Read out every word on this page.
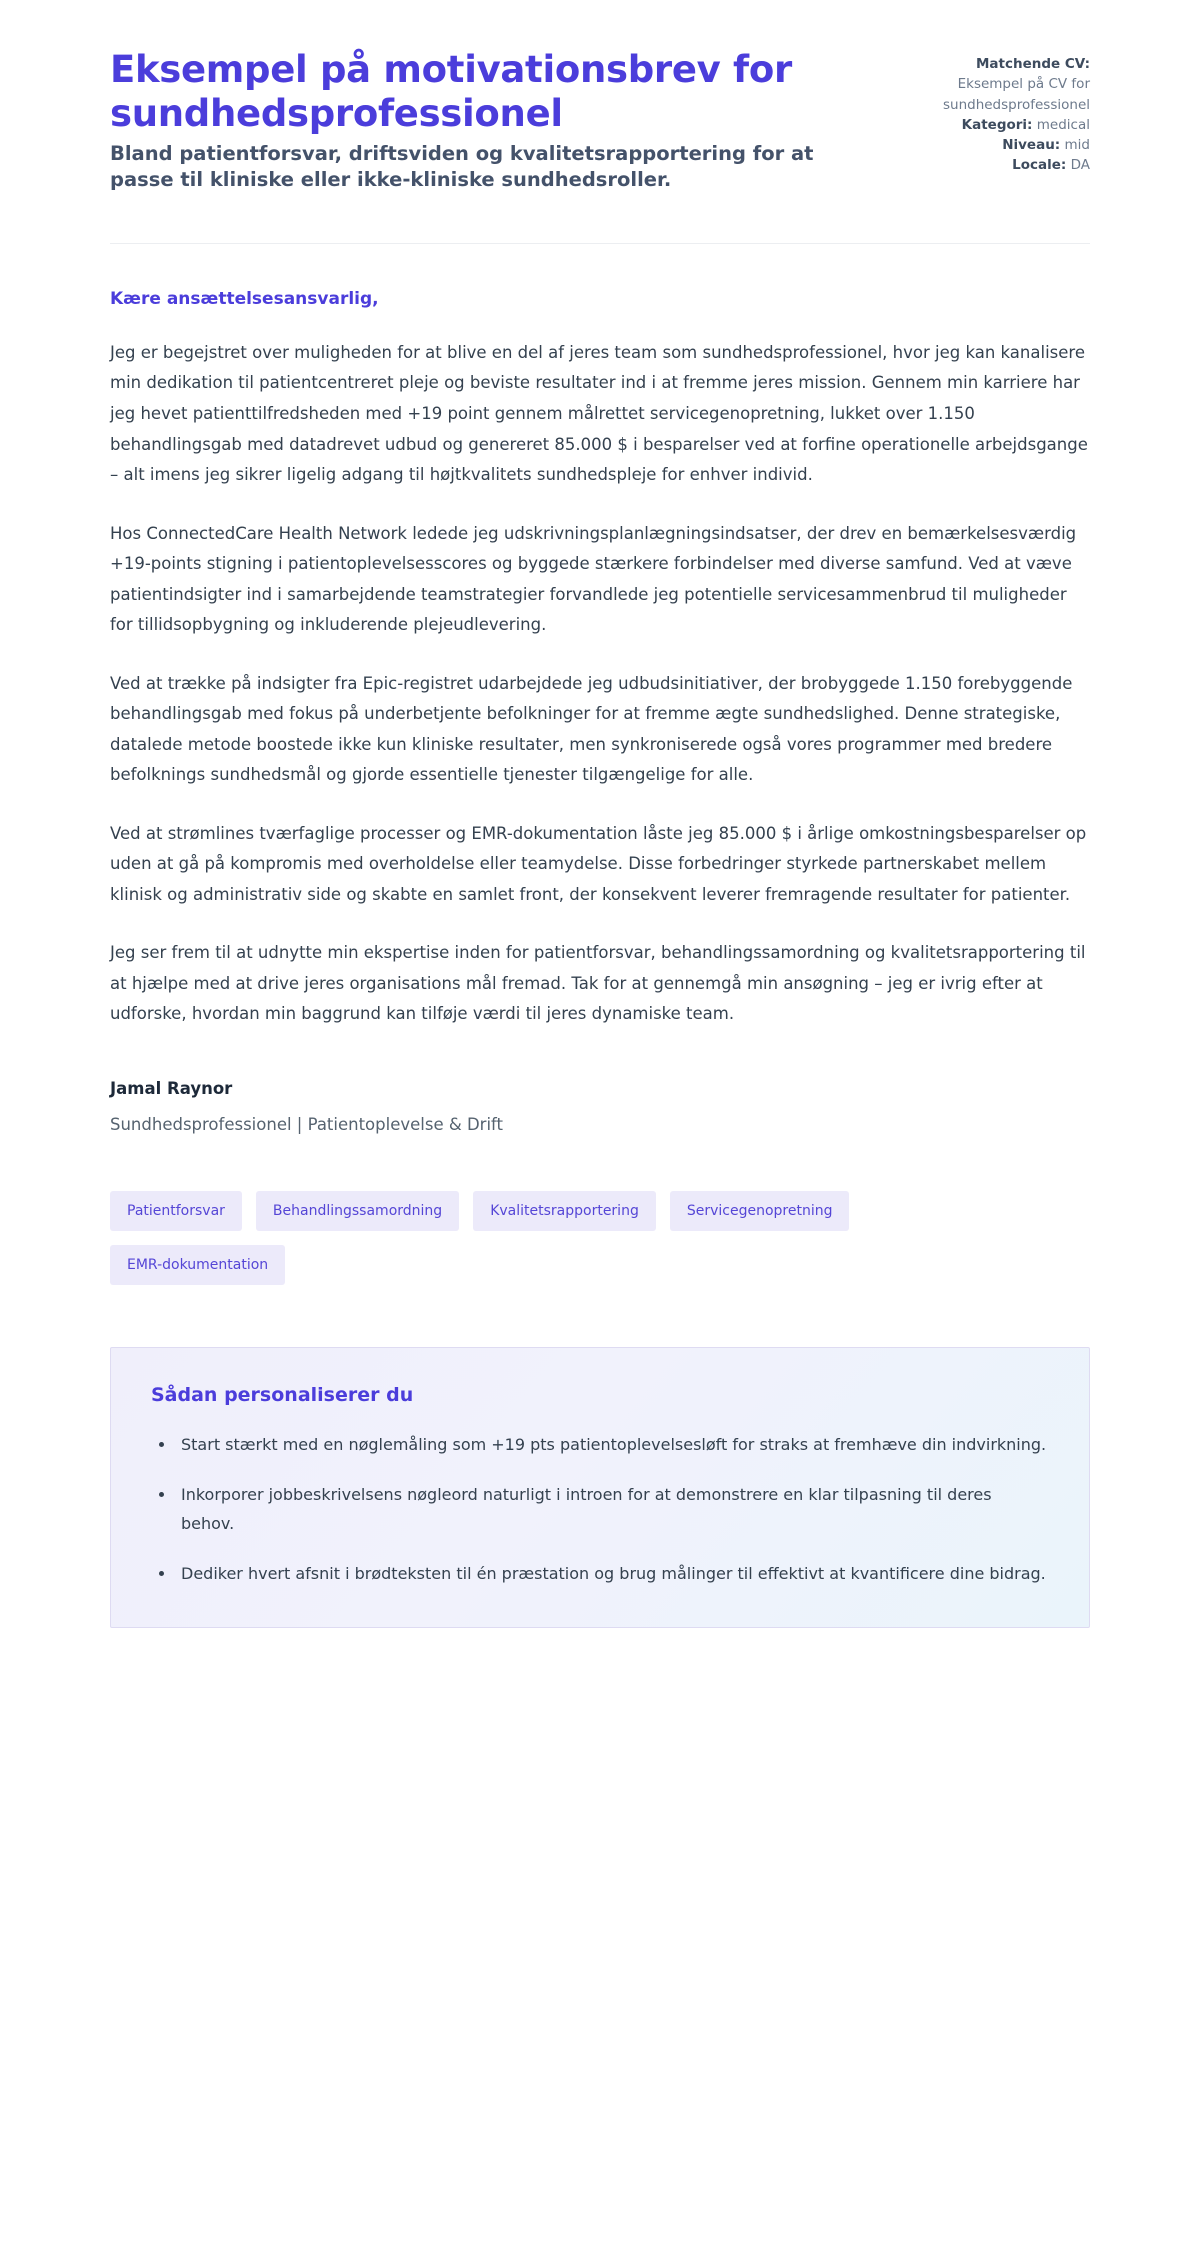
Eksempel på motivationsbrev for sundhedsprofessionel

Bland patientforsvar, driftsviden og kvalitetsrapportering for at passe til kliniske eller ikke-kliniske sundhedsroller.

Matchende CV:
Eksempel på CV for sundhedsprofessionel
Kategori: medical
Niveau: mid
Locale: DA

Kære ansættelsesansvarlig,

Jeg er begejstret over muligheden for at blive en del af jeres team som sundhedsprofessionel, hvor jeg kan kanalisere min dedikation til patientcentreret pleje og beviste resultater ind i at fremme jeres mission. Gennem min karriere har jeg hevet patienttilfredsheden med +19 point gennem målrettet servicegenopretning, lukket over 1.150 behandlingsgab med datadrevet udbud og genereret 85.000 $ i besparelser ved at forfine operationelle arbejdsgange – alt imens jeg sikrer ligelig adgang til højtkvalitets sundhedspleje for enhver individ.

Hos ConnectedCare Health Network ledede jeg udskrivningsplanlægningsindsatser, der drev en bemærkelsesværdig +19-points stigning i patientoplevelsesscores og byggede stærkere forbindelser med diverse samfund. Ved at væve patientindsigter ind i samarbejdende teamstrategier forvandlede jeg potentielle servicesammenbrud til muligheder for tillidsopbygning og inkluderende plejeudlevering.

Ved at trække på indsigter fra Epic-registret udarbejdede jeg udbudsinitiativer, der brobyggede 1.150 forebyggende behandlingsgab med fokus på underbetjente befolkninger for at fremme ægte sundhedslighed. Denne strategiske, datalede metode boostede ikke kun kliniske resultater, men synkroniserede også vores programmer med bredere befolknings sundhedsmål og gjorde essentielle tjenester tilgængelige for alle.

Ved at strømlines tværfaglige processer og EMR-dokumentation låste jeg 85.000 $ i årlige omkostningsbesparelser op uden at gå på kompromis med overholdelse eller teamydelse. Disse forbedringer styrkede partnerskabet mellem klinisk og administrativ side og skabte en samlet front, der konsekvent leverer fremragende resultater for patienter.

Jeg ser frem til at udnytte min ekspertise inden for patientforsvar, behandlingssamordning og kvalitetsrapportering til at hjælpe med at drive jeres organisations mål fremad. Tak for at gennemgå min ansøgning – jeg er ivrig efter at udforske, hvordan min baggrund kan tilføje værdi til jeres dynamiske team.

Jamal Raynor

Sundhedsprofessionel | Patientoplevelse & Drift

Patientforsvar	Behandlingssamordning	Kvalitetsrapportering	Servicegenopretning
EMR-dokumentation
Sådan personaliserer du
Start stærkt med en nøglemåling som +19 pts patientoplevelsesløft for straks at fremhæve din indvirkning.
Inkorporer jobbeskrivelsens nøgleord naturligt i introen for at demonstrere en klar tilpasning til deres behov.
Dediker hvert afsnit i brødteksten til én præstation og brug målinger til effektivt at kvantificere dine bidrag.
